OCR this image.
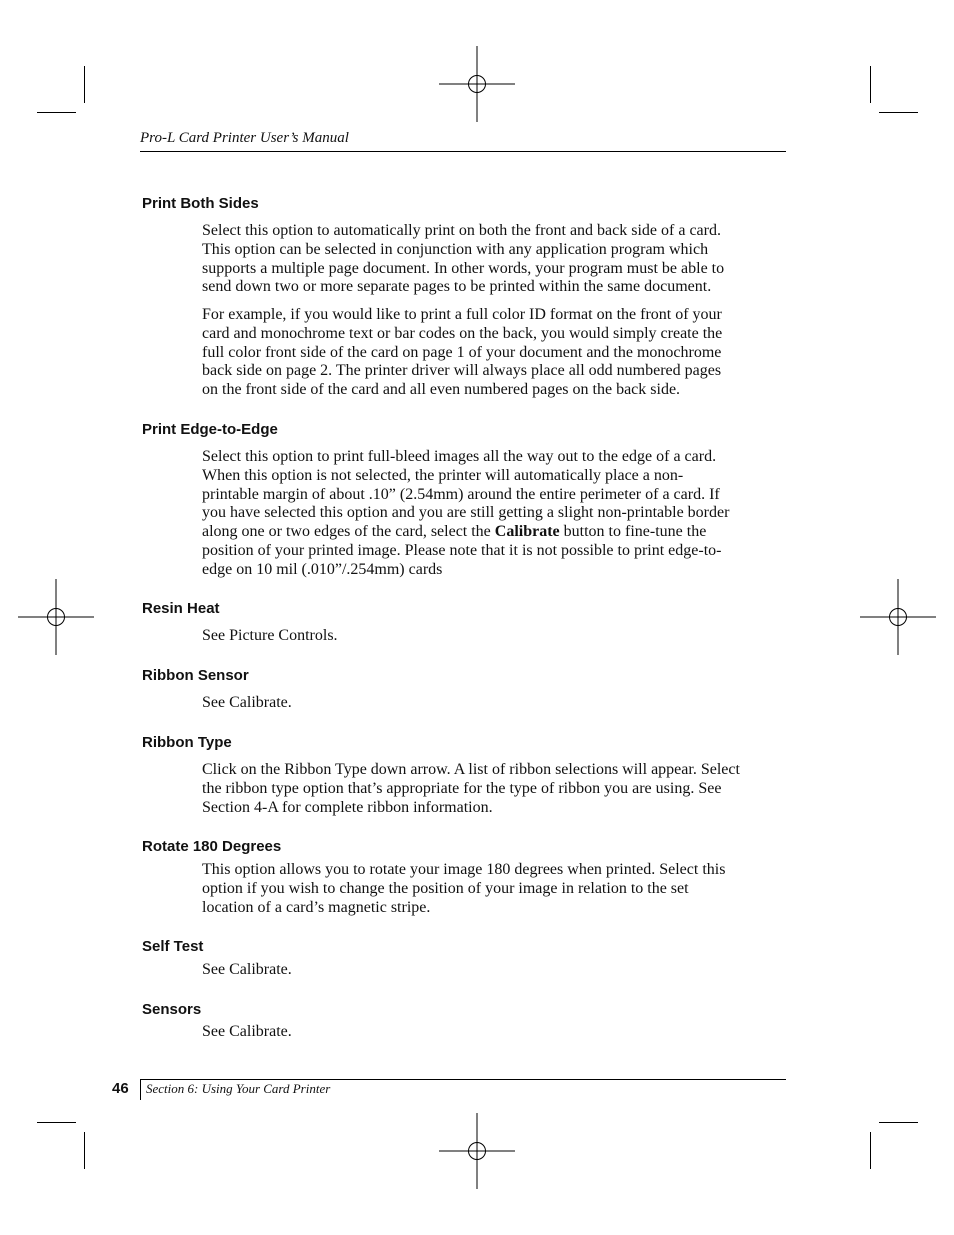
Pro-L Card Printer User’s Manual
Print Both Sides
Select this option to automatically print on both the front and back side of a card.
This option can be selected in conjunction with any application program which
supports a multiple page document. In other words, your program must be able to
send down two or more separate pages to be printed within the same document.
For example, if you would like to print a full color ID format on the front of your
card and monochrome text or bar codes on the back, you would simply create the
full color front side of the card on page 1 of your document and the monochrome
back side on page 2. The printer driver will always place all odd numbered pages
on the front side of the card and all even numbered pages on the back side.
Print Edge-to-Edge
Select this option to print full-bleed images all the way out to the edge of a card.
When this option is not selected, the printer will automatically place a non-
printable margin of about .10” (2.54mm) around the entire perimeter of a card. If
you have selected this option and you are still getting a slight non-printable border
along one or two edges of the card, select the Calibrate button to fine-tune the
position of your printed image. Please note that it is not possible to print edge-to-
edge on 10 mil (.010”/.254mm) cards
Resin Heat
See Picture Controls.
Ribbon Sensor
See Calibrate.
Ribbon Type
Click on the Ribbon Type down arrow. A list of ribbon selections will appear. Select
the ribbon type option that’s appropriate for the type of ribbon you are using. See
Section 4-A for complete ribbon information.
Rotate 180 Degrees
This option allows you to rotate your image 180 degrees when printed. Select this
option if you wish to change the position of your image in relation to the set
location of a card’s magnetic stripe.
Self Test
See Calibrate.
Sensors
See Calibrate.
46 Section 6: Using Your Card Printer
